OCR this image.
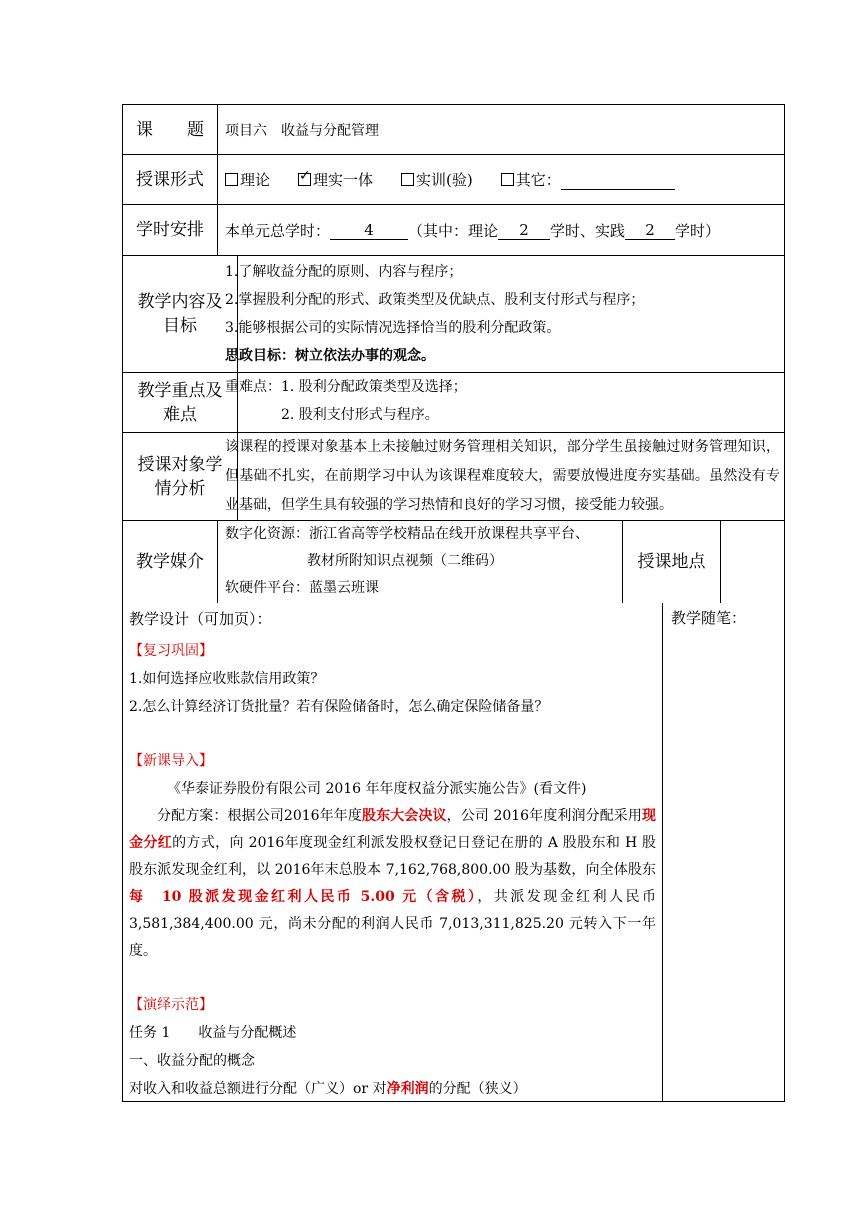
课　　题	项目六　收益与分配管理
授课形式	理论
✓	理实一体	实训(验)	其它：
学时安排	本单元总学时：	4	（其中：理论	2	学时、实践	2	学时）
教学内容及目标

1.了解收益分配的原则、内容与程序；

2.掌握股利分配的形式、政策类型及优缺点、股利支付形式与程序；

3.能够根据公司的实际情况选择恰当的股利分配政策。

思政目标：树立依法办事的观念。

教学重点及难点

重难点：1. 股利分配政策类型及选择；

2. 股利支付形式与程序。

授课对象学情分析
该课程的授课对象基本上未接触过财务管理相关知识，部分学生虽接触过财务管理知识，但基础不扎实，在前期学习中认为该课程难度较大，需要放慢进度夯实基础。虽然没有专业基础，但学生具有较强的学习热情和良好的学习习惯，接受能力较强。
教学媒介

数字化资源：浙江省高等学校精品在线开放课程共享平台、

教材所附知识点视频（二维码）

软硬件平台：蓝墨云班课

授课地点

教学设计（可加页）：

【复习巩固】

1.如何选择应收账款信用政策？

2.怎么计算经济订货批量？若有保险储备时，怎么确定保险储备量？

【新课导入】

《华泰证券股份有限公司 2016 年年度权益分派实施公告》(看文件)

分配方案：根据公司2016年年度股东大会决议，公司 2016年度利润分配采用现金分红的方式，向 2016年度现金红利派发股权登记日登记在册的 A 股股东和 H 股股东派发现金红利，以 2016年末总股本 7,162,768,800.00 股为基数，向全体股东每　10 股派发现金红利人民币 5.00 元（含税），共派发现金红利人民币 3,581,384,400.00 元，尚未分配的利润人民币 7,013,311,825.20 元转入下一年度。

【演绎示范】

任务 1　　收益与分配概述

一、收益分配的概念

对收入和收益总额进行分配（广义）or 对净利润的分配（狭义）

教学随笔：
